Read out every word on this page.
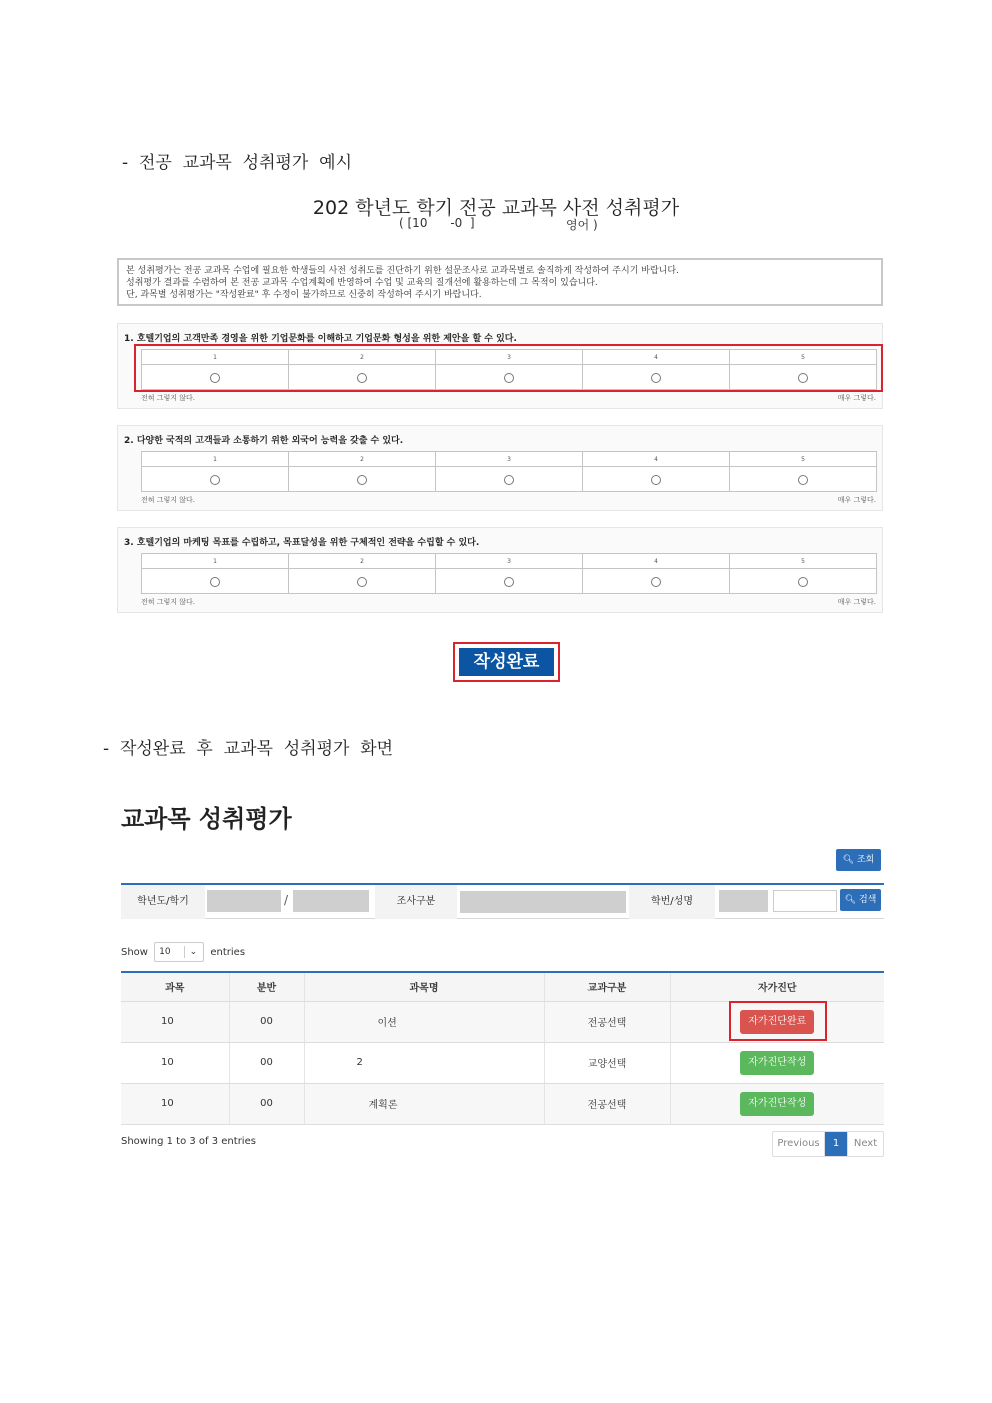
-  전공  교과목  성취평가  예시
202 학년도 학기 전공 교과목 사전 성취평가
( [10      -0  ]	영어 )
본 성취평가는 전공 교과목 수업에 필요한 학생들의 사전 성취도를 진단하기 위한 설문조사로 교과목별로 솔직하게 작성하여 주시기 바랍니다.
성취평가 결과를 수렴하여 본 전공 교과목 수업계획에 반영하여 수업 및 교육의 질개선에 활용하는데 그 목적이 있습니다.
단, 과목별 성취평가는 "작성완료" 후 수정이 불가하므로 신중히 작성하여 주시기 바랍니다.
1. 호텔기업의 고객만족 경영을 위한 기업문화를 이해하고 기업문화 형성을 위한 제안을 할 수 있다.
1	2	3	4	5

전혀 그렇지 않다.	매우 그렇다.
2. 다양한 국적의 고객들과 소통하기 위한 외국어 능력을 갖출 수 있다.
1	2	3	4	5

전혀 그렇지 않다.	매우 그렇다.
3. 호텔기업의 마케팅 목표를 수립하고, 목표달성을 위한 구체적인 전략을 수립할 수 있다.
1	2	3	4	5

전혀 그렇지 않다.	매우 그렇다.
작성완료
-  작성완료  후  교과목  성취평가  화면
교과목 성취평가
🔍︎ 조회
학년도/학기	/	조사구분	학번/성명	🔍︎ 검색
Show 10 ⌄ entries
과목	분반	과목명	교과구분	자가진단
10	00	이션	전공선택	자가진단완료
10	00	2	교양선택	자가진단작성
10	00	계획론	전공선택	자가진단작성
Showing 1 to 3 of 3 entries	Previous	1	Next
